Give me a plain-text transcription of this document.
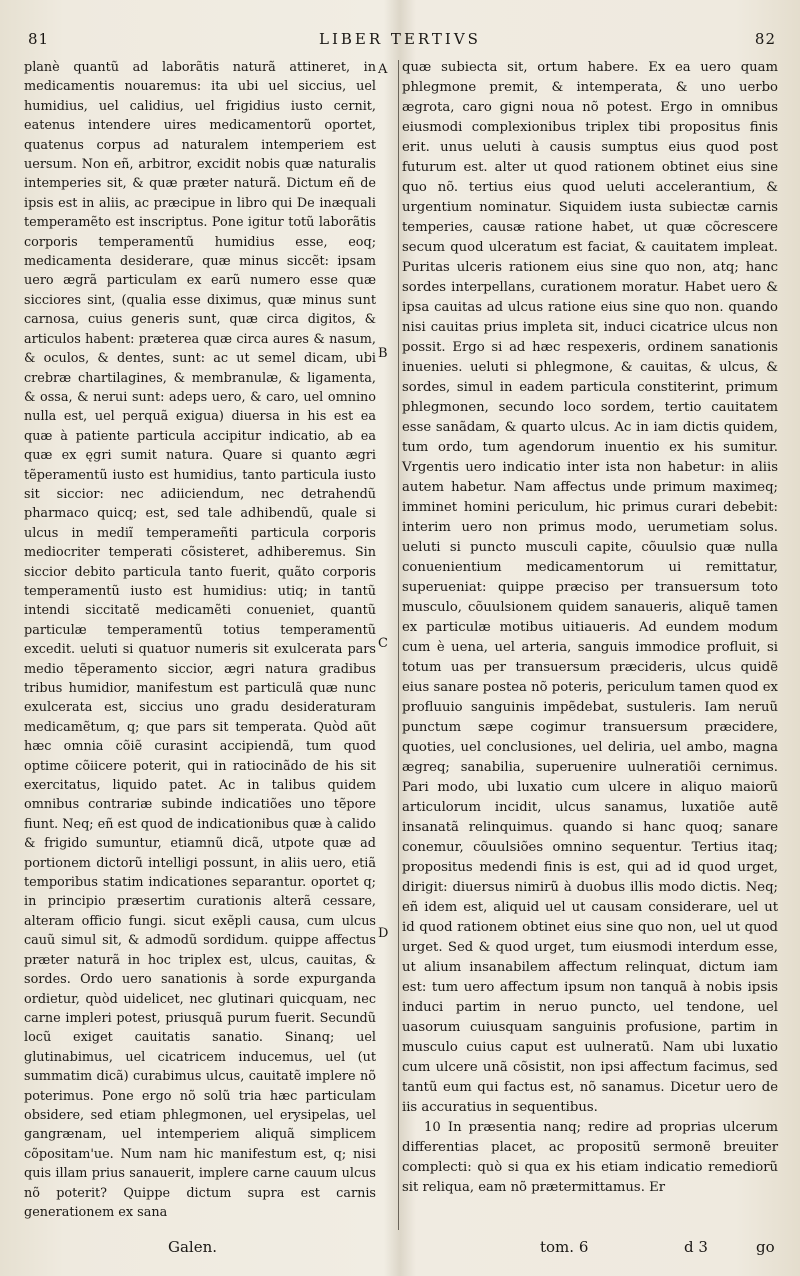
81	LIBER TERTIVS	82

planè quantũ ad laborãtis naturã attineret, in medicamentis nouaremus: ita ubi uel siccius, uel humidius, uel calidius, uel frigidius iusto cernit, eatenus intendere uires medicamentorũ oportet, quatenus corpus ad naturalem intemperiem est uersum. Non eñ, arbitror, excidit nobis quæ naturalis intemperies sit, & quæ præter naturã. Dictum eñ de ipsis est in aliis, ac præcipue in libro qui De inæquali temperamẽto est inscriptus. Pone igitur totũ laborãtis corporis temperamentũ humidius esse, eoq; medicamenta desiderare, quæ minus siccẽt: ipsam uero ægrã particulam ex earũ numero esse quæ sicciores sint, (qualia esse diximus, quæ minus sunt carnosa, cuius generis sunt, quæ circa digitos, & articulos habent: præterea quæ circa aures & nasum, & oculos, & dentes, sunt: ac ut semel dicam, ubi crebræ chartilagines, & membranulæ, & ligamenta, & ossa, & nerui sunt: adeps uero, & caro, uel omnino nulla est, uel perquã exigua) diuersa in his est ea quæ à patiente particula accipitur indicatio, ab ea quæ ex ęgri sumit natura. Quare si quanto ægri tẽperamentũ iusto est humidius, tanto particula iusto sit siccior: nec adiiciendum, nec detrahendũ pharmaco quicq; est, sed tale adhibendũ, quale si ulcus in mediĩ temperameñti particula corporis mediocriter temperati cõsisteret, adhiberemus. Sin siccior debito particula tanto fuerit, quãto corporis temperamentũ iusto est humidius: utiq; in tantũ intendi siccitatẽ medicamẽti conueniet, quantũ particulæ temperamentũ totius temperamentũ excedit. ueluti si quatuor numeris sit exulcerata pars medio tẽperamento siccior, ægri natura gradibus tribus humidior, manifestum est particulã quæ nunc exulcerata est, siccius uno gradu desideraturam medicamẽtum, q; que pars sit temperata. Quòd aũt hæc omnia cõiẽ curasint accipiendã, tum quod optime cõiicere poterit, qui in ratiocinãdo de his sit exercitatus, liquido patet. Ac in talibus quidem omnibus contrariæ subinde indicatiões uno tẽpore fiunt. Neq; eñ est quod de indicationibus quæ à calido & frigido sumuntur, etiamnũ dicã, utpote quæ ad portionem dictorũ intelligi possunt, in aliis uero, etiã temporibus statim indicationes separantur. oportet q; in principio præsertim curationis alterã cessare, alteram officio fungi. sicut exẽpli causa, cum ulcus cauũ simul sit, & admodũ sordidum. quippe affectus præter naturã in hoc triplex est, ulcus, cauitas, & sordes. Ordo uero sanationis à sorde expurganda ordietur, quòd uidelicet, nec glutinari quicquam, nec carne impleri potest, priusquã purum fuerit. Secundũ locũ exiget cauitatis sanatio. Sinanq; uel glutinabimus, uel cicatricem inducemus, uel (ut summatim dicã) curabimus ulcus, cauitatẽ implere nõ poterimus. Pone ergo nõ solũ tria hæc particulam obsidere, sed etiam phlegmonen, uel erysipelas, uel gangrænam, uel intemperiem aliquã simplicem cõpositam'ue. Num nam hic manifestum est, q; nisi quis illam prius sanauerit, implere carne cauum ulcus nõ poterit? Quippe dictum supra est carnis generationem ex sana

A
B
C
D

quæ subiecta sit, ortum habere. Ex ea uero quam phlegmone premit, & intemperata, & uno uerbo ægrota, caro gigni noua nõ potest. Ergo in omnibus eiusmodi complexionibus triplex tibi propositus finis erit. unus ueluti à causis sumptus eius quod post futurum est. alter ut quod rationem obtinet eius sine quo nõ. tertius eius quod ueluti accelerantium, & urgentium nominatur. Siquidem iusta subiectæ carnis temperies, causæ ratione habet, ut quæ cõcrescere secum quod ulceratum est faciat, & cauitatem impleat. Puritas ulceris rationem eius sine quo non, atq; hanc sordes interpellans, curationem moratur. Habet uero & ipsa cauitas ad ulcus ratione eius sine quo non. quando nisi cauitas prius impleta sit, induci cicatrice ulcus non possit. Ergo si ad hæc respexeris, ordinem sanationis inuenies. ueluti si phlegmone, & cauitas, & ulcus, & sordes, simul in eadem particula constiterint, primum phlegmonen, secundo loco sordem, tertio cauitatem esse sanãdam, & quarto ulcus. Ac in iam dictis quidem, tum ordo, tum agendorum inuentio ex his sumitur. Vrgentis uero indicatio inter ista non habetur: in aliis autem habetur. Nam affectus unde primum maximeq; imminet homini periculum, hic primus curari debebit: interim uero non primus modo, uerumetiam solus. ueluti si puncto musculi capite, cõuulsio quæ nulla conuenientium medicamentorum ui remittatur, superueniat: quippe præciso per transuersum toto musculo, cõuulsionem quidem sanaueris, aliquẽ tamen ex particulæ motibus uitiaueris. Ad eundem modum cum è uena, uel arteria, sanguis immodice profluit, si totum uas per transuersum præcideris, ulcus quidẽ eius sanare postea nõ poteris, periculum tamen quod ex profluuio sanguinis impẽdebat, sustuleris. Iam neruũ punctum sæpe cogimur transuersum præcidere, quoties, uel conclusiones, uel deliria, uel ambo, magna ægreq; sanabilia, superuenire uulneratiõi cernimus. Pari modo, ubi luxatio cum ulcere in aliquo maiorũ articulorum incidit, ulcus sanamus, luxatiõe autẽ insanatã relinquimus. quando si hanc quoq; sanare conemur, cõuulsiões omnino sequentur. Tertius itaq; propositus medendi finis is est, qui ad id quod urget, dirigit: diuersus nimirũ à duobus illis modo dictis. Neq; eñ idem est, aliquid uel ut causam considerare, uel ut id quod rationem obtinet eius sine quo non, uel ut quod urget. Sed & quod urget, tum eiusmodi interdum esse, ut alium insanabilem affectum relinquat, dictum iam est: tum uero affectum ipsum non tanquã à nobis ipsis induci partim in neruo puncto, uel tendone, uel uasorum cuiusquam sanguinis profusione, partim in musculo cuius caput est uulneratũ. Nam ubi luxatio cum ulcere unã cõsistit, non ipsi affectum facimus, sed tantũ eum qui factus est, nõ sanamus. Dicetur uero de iis accuratius in sequentibus.

10 In præsentia nanq; redire ad proprias ulcerum differentias placet, ac propositũ sermonẽ breuiter complecti: quò si qua ex his etiam indicatio remediorũ sit reliqua, eam nõ prætermittamus. Er

Galen.	tom. 6	d 3	go
